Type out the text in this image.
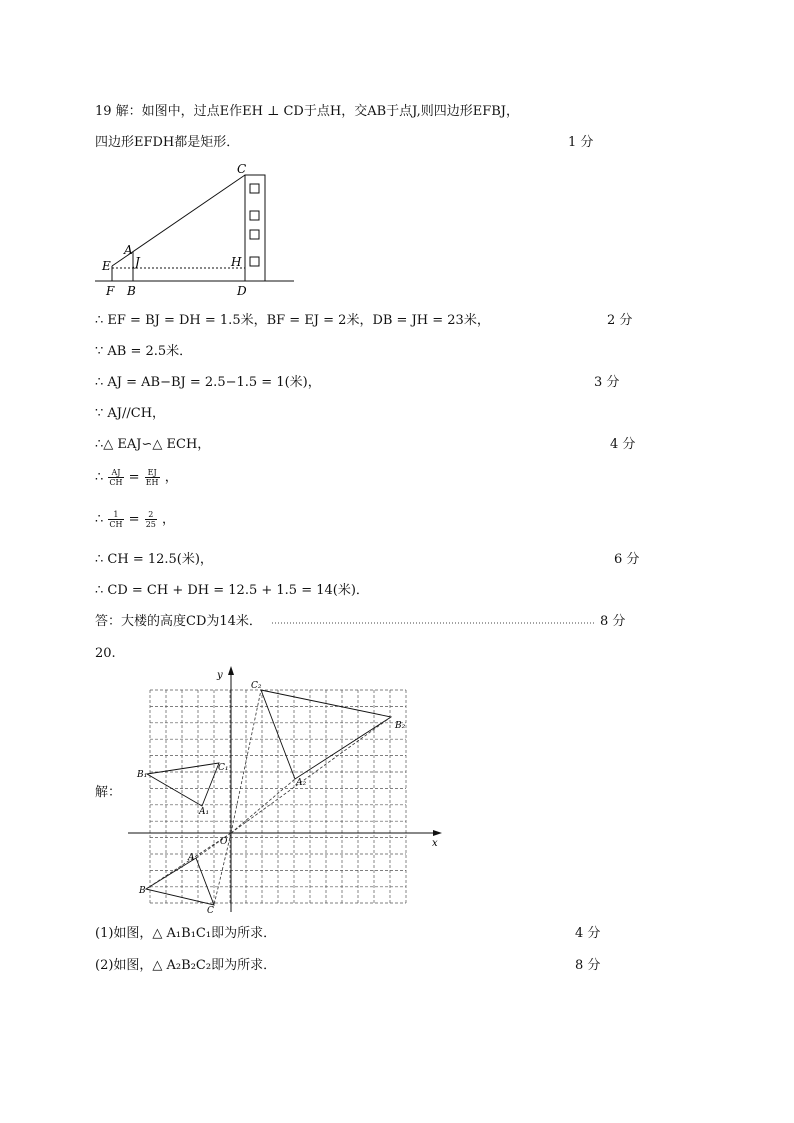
19 解：如图中，过点E作EH ⊥ CD于点H，交AB于点J,则四边形EFBJ，
四边形EFDH都是矩形．	1 分
C
A
E J	H
F B	D
∴ EF = BJ = DH = 1.5米，BF = EJ = 2米，DB = JH = 23米，	2 分
∵ AB = 2.5米．
∴ AJ = AB−BJ = 2.5−1.5 = 1(米)，	3 分
∵ AJ//CH，
∴△ EAJ∽△ ECH，	4 分
∴ $\frac{AJ}{CH} = \frac{EJ}{EH}$ ，
∴ $\frac{1}{CH} = \frac{2}{25}$ ，
∴ CH = 12.5(米)，	6 分
∴ CD = CH + DH = 12.5 + 1.5 = 14(米)．
答：大楼的高度CD为14米．	8 分
20.
解：
y
x
O
C₂
B₂
A₂
B₁
C₁
A₁
A
B
C
(1)如图，△ A₁B₁C₁即为所求．	4 分
(2)如图，△ A₂B₂C₂即为所求．	8 分
